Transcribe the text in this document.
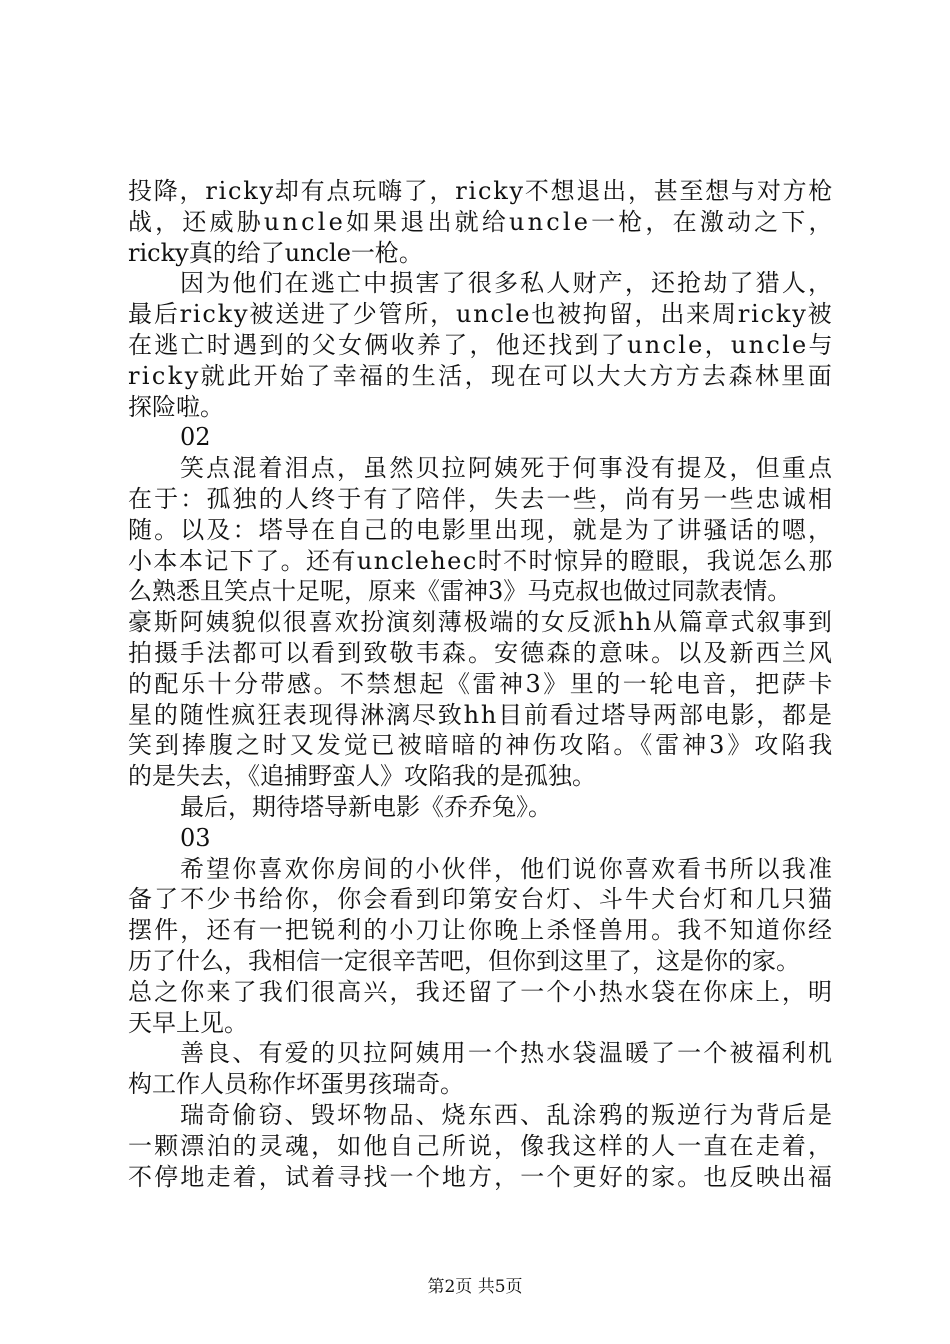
投降，ricky却有点玩嗨了，ricky不想退出，甚至想与对方枪
战，还威胁uncle如果退出就给uncle一枪，在激动之下，
ricky真的给了uncle一枪。
因为他们在逃亡中损害了很多私人财产，还抢劫了猎人，
最后ricky被送进了少管所，uncle也被拘留，出来周ricky被
在逃亡时遇到的父女俩收养了，他还找到了uncle，uncle与
ricky就此开始了幸福的生活，现在可以大大方方去森林里面
探险啦。
02
笑点混着泪点，虽然贝拉阿姨死于何事没有提及，但重点
在于：孤独的人终于有了陪伴，失去一些，尚有另一些忠诚相
随。以及：塔导在自己的电影里出现，就是为了讲骚话的嗯，
小本本记下了。还有unclehec时不时惊异的瞪眼，我说怎么那
么熟悉且笑点十足呢，原来《雷神3》马克叔也做过同款表情。
豪斯阿姨貌似很喜欢扮演刻薄极端的女反派hh从篇章式叙事到
拍摄手法都可以看到致敬韦森。安德森的意味。以及新西兰风
的配乐十分带感。不禁想起《雷神3》里的一轮电音，把萨卡
星的随性疯狂表现得淋漓尽致hh目前看过塔导两部电影，都是
笑到捧腹之时又发觉已被暗暗的神伤攻陷。《雷神3》攻陷我
的是失去，《追捕野蛮人》攻陷我的是孤独。
最后，期待塔导新电影《乔乔兔》。
03
希望你喜欢你房间的小伙伴，他们说你喜欢看书所以我准
备了不少书给你，你会看到印第安台灯、斗牛犬台灯和几只猫
摆件，还有一把锐利的小刀让你晚上杀怪兽用。我不知道你经
历了什么，我相信一定很辛苦吧，但你到这里了，这是你的家。
总之你来了我们很高兴，我还留了一个小热水袋在你床上，明
天早上见。
善良、有爱的贝拉阿姨用一个热水袋温暖了一个被福利机
构工作人员称作坏蛋男孩瑞奇。
瑞奇偷窃、毁坏物品、烧东西、乱涂鸦的叛逆行为背后是
一颗漂泊的灵魂，如他自己所说，像我这样的人一直在走着，
不停地走着，试着寻找一个地方，一个更好的家。也反映出福
第2页 共5页
